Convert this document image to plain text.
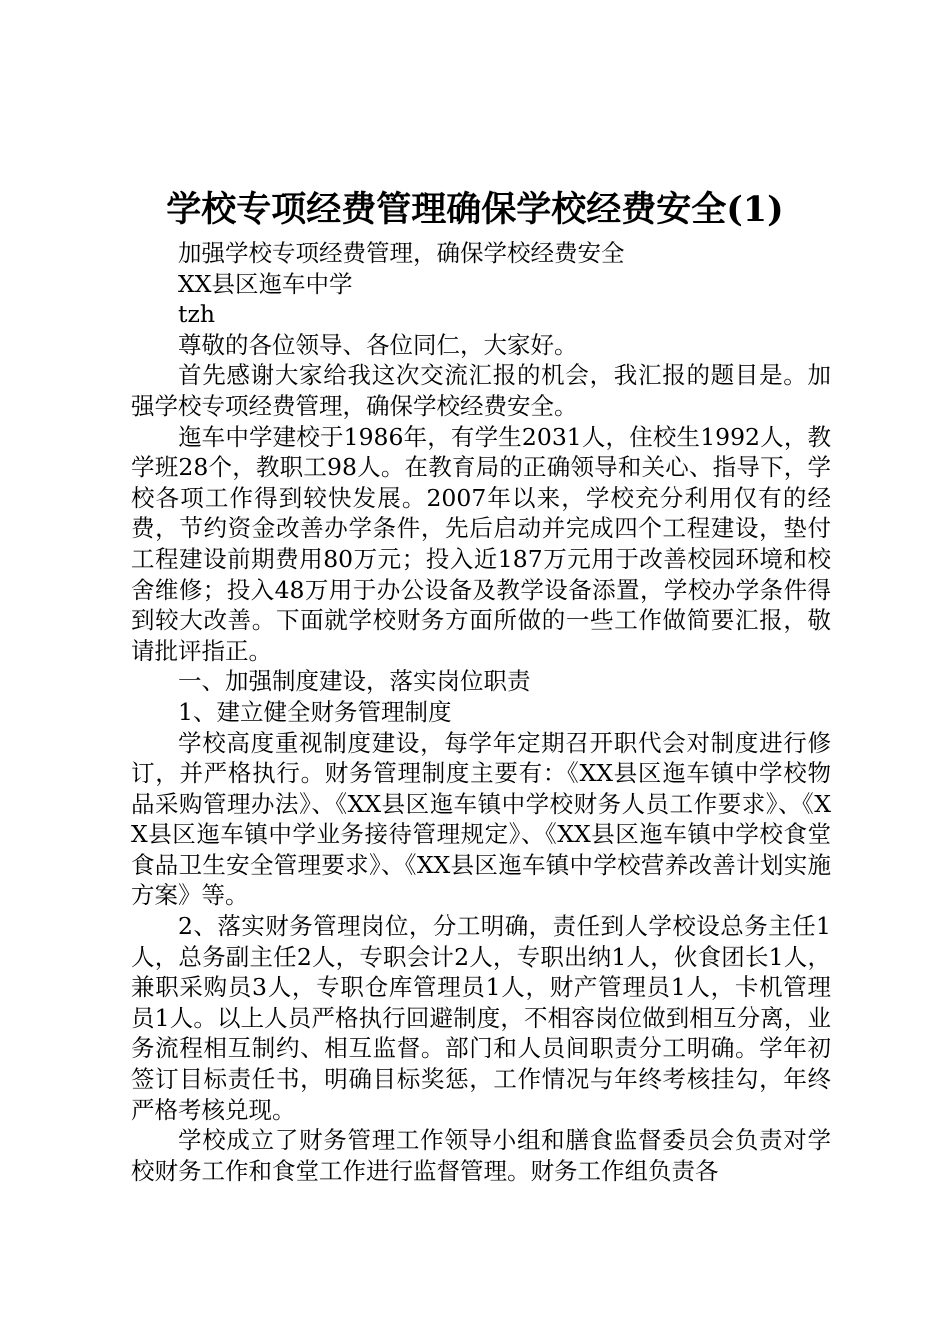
学校专项经费管理确保学校经费安全(1)

加强学校专项经费管理，确保学校经费安全

XX县区迤车中学

tzh

尊敬的各位领导、各位同仁，大家好。

首先感谢大家给我这次交流汇报的机会，我汇报的题目是。加强学校专项经费管理，确保学校经费安全。

迤车中学建校于1986年，有学生2031人，住校生1992人，教学班28个，教职工98人。在教育局的正确领导和关心、指导下，学校各项工作得到较快发展。2007年以来，学校充分利用仅有的经费，节约资金改善办学条件，先后启动并完成四个工程建设，垫付工程建设前期费用80万元；投入近187万元用于改善校园环境和校舍维修；投入48万用于办公设备及教学设备添置，学校办学条件得到较大改善。下面就学校财务方面所做的一些工作做简要汇报，敬请批评指正。

一、加强制度建设，落实岗位职责

1、建立健全财务管理制度

学校高度重视制度建设，每学年定期召开职代会对制度进行修订，并严格执行。财务管理制度主要有：《XX县区迤车镇中学校物品采购管理办法》、《XX县区迤车镇中学校财务人员工作要求》、《XX县区迤车镇中学业务接待管理规定》、《XX县区迤车镇中学校食堂食品卫生安全管理要求》、《XX县区迤车镇中学校营养改善计划实施方案》等。

2、落实财务管理岗位，分工明确，责任到人学校设总务主任1人，总务副主任2人，专职会计2人，专职出纳1人，伙食团长1人，兼职采购员3人，专职仓库管理员1人，财产管理员1人，卡机管理员1人。以上人员严格执行回避制度，不相容岗位做到相互分离，业务流程相互制约、相互监督。部门和人员间职责分工明确。学年初签订目标责任书，明确目标奖惩，工作情况与年终考核挂勾，年终严格考核兑现。

学校成立了财务管理工作领导小组和膳食监督委员会负责对学校财务工作和食堂工作进行监督管理。财务工作组负责各
